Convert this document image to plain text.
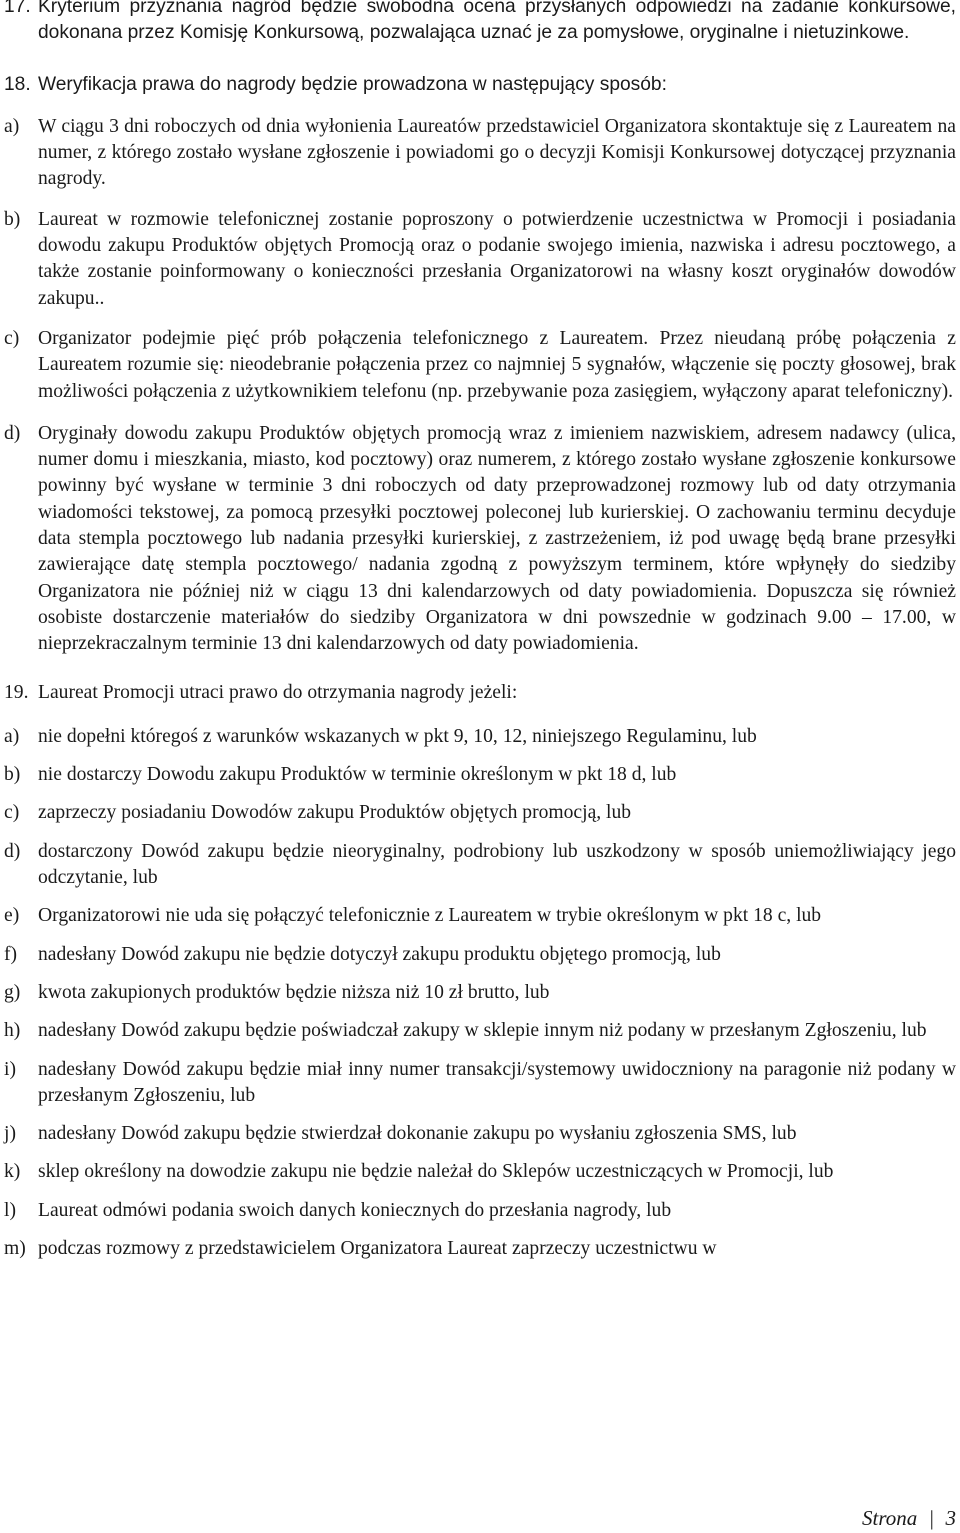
17. Kryterium przyznania nagród będzie swobodna ocena przysłanych odpowiedzi na zadanie konkursowe, dokonana przez Komisję Konkursową, pozwalająca uznać je za pomysłowe, oryginalne i nietuzinkowe.
18. Weryfikacja prawa do nagrody będzie prowadzona w następujący sposób:
a) W ciągu 3 dni roboczych od dnia wyłonienia Laureatów przedstawiciel Organizatora skontaktuje się z Laureatem na numer, z którego zostało wysłane zgłoszenie i powiadomi go o decyzji Komisji Konkursowej dotyczącej przyznania nagrody.
b) Laureat w rozmowie telefonicznej zostanie poproszony o potwierdzenie uczestnictwa w Promocji i posiadania dowodu zakupu Produktów objętych Promocją oraz o podanie swojego imienia, nazwiska i adresu pocztowego, a także zostanie poinformowany o konieczności przesłania Organizatorowi na własny koszt oryginałów dowodów zakupu..
c) Organizator podejmie pięć prób połączenia telefonicznego z Laureatem. Przez nieudaną próbę połączenia z Laureatem rozumie się: nieodebranie połączenia przez co najmniej 5 sygnałów, włączenie się poczty głosowej, brak możliwości połączenia z użytkownikiem telefonu (np. przebywanie poza zasięgiem, wyłączony aparat telefoniczny).
d) Oryginały dowodu zakupu Produktów objętych promocją wraz z imieniem nazwiskiem, adresem nadawcy (ulica, numer domu i mieszkania, miasto, kod pocztowy) oraz numerem, z którego zostało wysłane zgłoszenie konkursowe powinny być wysłane w terminie 3 dni roboczych od daty przeprowadzonej rozmowy lub od daty otrzymania wiadomości tekstowej, za pomocą przesyłki pocztowej poleconej lub kurierskiej. O zachowaniu terminu decyduje data stempla pocztowego lub nadania przesyłki kurierskiej, z zastrzeżeniem, iż pod uwagę będą brane przesyłki zawierające datę stempla pocztowego/ nadania zgodną z powyższym terminem, które wpłynęły do siedziby Organizatora nie później niż w ciągu 13 dni kalendarzowych od daty powiadomienia. Dopuszcza się również osobiste dostarczenie materiałów do siedziby Organizatora w dni powszednie w godzinach 9.00 – 17.00, w nieprzekraczalnym terminie 13 dni kalendarzowych od daty powiadomienia.
19. Laureat Promocji utraci prawo do otrzymania nagrody jeżeli:
a) nie dopełni któregoś z warunków wskazanych w pkt 9, 10, 12, niniejszego Regulaminu, lub
b) nie dostarczy Dowodu zakupu Produktów w terminie określonym w pkt 18 d, lub
c) zaprzeczy posiadaniu Dowodów zakupu Produktów objętych promocją, lub
d) dostarczony Dowód zakupu będzie nieoryginalny, podrobiony lub uszkodzony w sposób uniemożliwiający jego odczytanie, lub
e) Organizatorowi nie uda się połączyć telefonicznie z Laureatem w trybie określonym w pkt 18 c, lub
f)	nadesłany Dowód zakupu nie będzie dotyczył zakupu produktu objętego promocją, lub
g) kwota zakupionych produktów będzie niższa niż 10 zł brutto, lub
h) nadesłany Dowód zakupu będzie poświadczał zakupy w sklepie innym niż podany w przesłanym Zgłoszeniu, lub
i)	nadesłany Dowód zakupu będzie miał inny numer transakcji/systemowy uwidoczniony na paragonie niż podany w przesłanym Zgłoszeniu, lub
j)	nadesłany Dowód zakupu będzie stwierdzał dokonanie zakupu po wysłaniu zgłoszenia SMS, lub
k) sklep określony na dowodzie zakupu nie będzie należał do Sklepów uczestniczących w Promocji, lub
l)	Laureat odmówi podania swoich danych koniecznych do przesłania nagrody, lub
m) podczas rozmowy z przedstawicielem Organizatora Laureat zaprzeczy uczestnictwu w
Strona | 3
